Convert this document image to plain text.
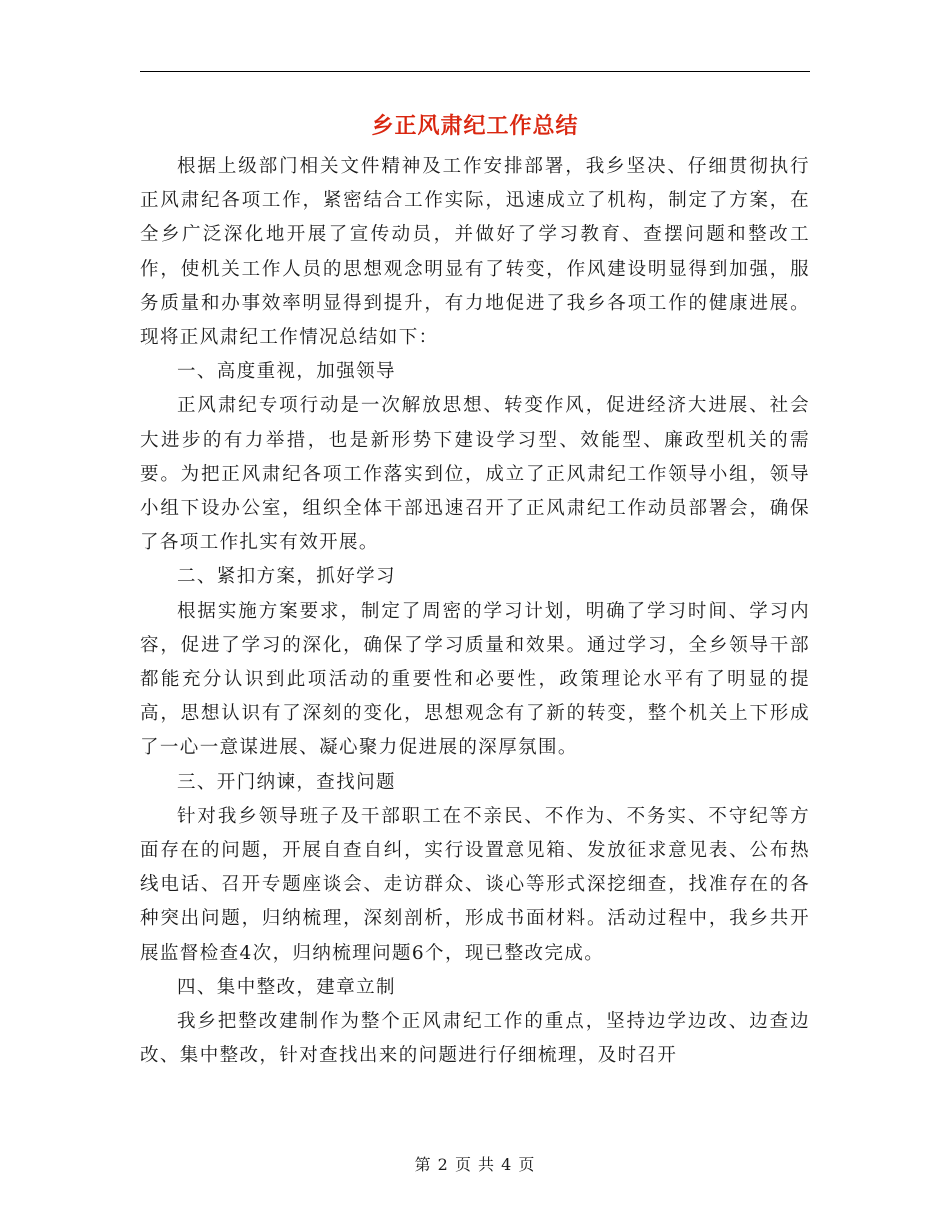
乡正风肃纪工作总结

根据上级部门相关文件精神及工作安排部署，我乡坚决、仔细贯彻执行正风肃纪各项工作，紧密结合工作实际，迅速成立了机构，制定了方案，在全乡广泛深化地开展了宣传动员，并做好了学习教育、查摆问题和整改工作，使机关工作人员的思想观念明显有了转变，作风建设明显得到加强，服务质量和办事效率明显得到提升，有力地促进了我乡各项工作的健康进展。现将正风肃纪工作情况总结如下：

一、高度重视，加强领导

正风肃纪专项行动是一次解放思想、转变作风，促进经济大进展、社会大进步的有力举措，也是新形势下建设学习型、效能型、廉政型机关的需要。为把正风肃纪各项工作落实到位，成立了正风肃纪工作领导小组，领导小组下设办公室，组织全体干部迅速召开了正风肃纪工作动员部署会，确保了各项工作扎实有效开展。

二、紧扣方案，抓好学习

根据实施方案要求，制定了周密的学习计划，明确了学习时间、学习内容，促进了学习的深化，确保了学习质量和效果。通过学习，全乡领导干部都能充分认识到此项活动的重要性和必要性，政策理论水平有了明显的提高，思想认识有了深刻的变化，思想观念有了新的转变，整个机关上下形成了一心一意谋进展、凝心聚力促进展的深厚氛围。

三、开门纳谏，查找问题

针对我乡领导班子及干部职工在不亲民、不作为、不务实、不守纪等方面存在的问题，开展自查自纠，实行设置意见箱、发放征求意见表、公布热线电话、召开专题座谈会、走访群众、谈心等形式深挖细查，找准存在的各种突出问题，归纳梳理，深刻剖析，形成书面材料。活动过程中，我乡共开展监督检查4次，归纳梳理问题6个，现已整改完成。

四、集中整改，建章立制

我乡把整改建制作为整个正风肃纪工作的重点，坚持边学边改、边查边改、集中整改，针对查找出来的问题进行仔细梳理，及时召开

第 2 页 共 4 页
